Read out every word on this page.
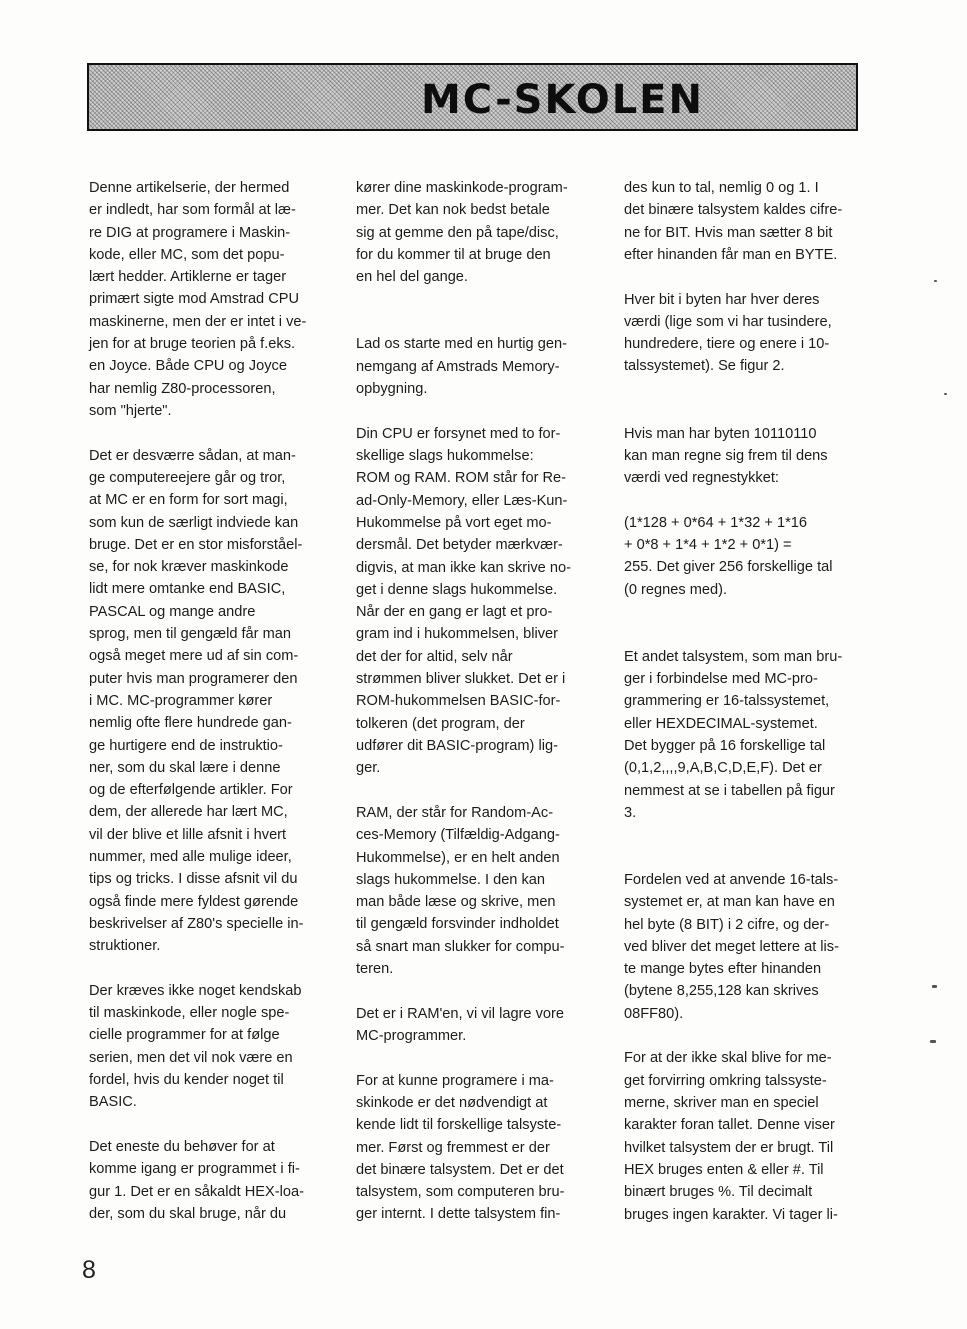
MC-SKOLEN

Denne artikelserie, der hermed
er indledt, har som formål at læ-
re DIG at programere i Maskin-
kode, eller MC, som det popu-
lært hedder. Artiklerne er tager
primært sigte mod Amstrad CPU
maskinerne, men der er intet i ve-
jen for at bruge teorien på f.eks.
en Joyce. Både CPU og Joyce
har nemlig Z80-processoren,
som "hjerte".

Det er desværre sådan, at man-
ge computereejere går og tror,
at MC er en form for sort magi,
som kun de særligt indviede kan
bruge. Det er en stor misforståel-
se, for nok kræver maskinkode
lidt mere omtanke end BASIC,
PASCAL og mange andre
sprog, men til gengæld får man
også meget mere ud af sin com-
puter hvis man programerer den
i MC. MC-programmer kører
nemlig ofte flere hundrede gan-
ge hurtigere end de instruktio-
ner, som du skal lære i denne
og de efterfølgende artikler. For
dem, der allerede har lært MC,
vil der blive et lille afsnit i hvert
nummer, med alle mulige ideer,
tips og tricks. I disse afsnit vil du
også finde mere fyldest gørende
beskrivelser af Z80's specielle in-
struktioner.

Der kræves ikke noget kendskab
til maskinkode, eller nogle spe-
cielle programmer for at følge
serien, men det vil nok være en
fordel, hvis du kender noget til
BASIC.

Det eneste du behøver for at
komme igang er programmet i fi-
gur 1. Det er en såkaldt HEX-loa-
der, som du skal bruge, når du

kører dine maskinkode-program-
mer. Det kan nok bedst betale
sig at gemme den på tape/disc,
for du kommer til at bruge den
en hel del gange.

Lad os starte med en hurtig gen-
nemgang af Amstrads Memory-
opbygning.

Din CPU er forsynet med to for-
skellige slags hukommelse:
ROM og RAM. ROM står for Re-
ad-Only-Memory, eller Læs-Kun-
Hukommelse på vort eget mo-
dersmål. Det betyder mærkvær-
digvis, at man ikke kan skrive no-
get i denne slags hukommelse.
Når der en gang er lagt et pro-
gram ind i hukommelsen, bliver
det der for altid, selv når
strømmen bliver slukket. Det er i
ROM-hukommelsen BASIC-for-
tolkeren (det program, der
udfører dit BASIC-program) lig-
ger.

RAM, der står for Random-Ac-
ces-Memory (Tilfældig-Adgang-
Hukommelse), er en helt anden
slags hukommelse. I den kan
man både læse og skrive, men
til gengæld forsvinder indholdet
så snart man slukker for compu-
teren.

Det er i RAM'en, vi vil lagre vore
MC-programmer.

For at kunne programere i ma-
skinkode er det nødvendigt at
kende lidt til forskellige talsyste-
mer. Først og fremmest er der
det binære talsystem. Det er det
talsystem, som computeren bru-
ger internt. I dette talsystem fin-

des kun to tal, nemlig 0 og 1. I
det binære talsystem kaldes cifre-
ne for BIT. Hvis man sætter 8 bit
efter hinanden får man en BYTE.

Hver bit i byten har hver deres
værdi (lige som vi har tusindere,
hundredere, tiere og enere i 10-
talssystemet). Se figur 2.

Hvis man har byten 10110110
kan man regne sig frem til dens
værdi ved regnestykket:

(1*128 + 0*64 + 1*32 + 1*16
+ 0*8 + 1*4 + 1*2 + 0*1) =
255. Det giver 256 forskellige tal
(0 regnes med).

Et andet talsystem, som man bru-
ger i forbindelse med MC-pro-
grammering er 16-talssystemet,
eller HEXDECIMAL-systemet.
Det bygger på 16 forskellige tal
(0,1,2,,,,9,A,B,C,D,E,F). Det er
nemmest at se i tabellen på figur
3.

Fordelen ved at anvende 16-tals-
systemet er, at man kan have en
hel byte (8 BIT) i 2 cifre, og der-
ved bliver det meget lettere at lis-
te mange bytes efter hinanden
(bytene 8,255,128 kan skrives
08FF80).

For at der ikke skal blive for me-
get forvirring omkring talssyste-
merne, skriver man en speciel
karakter foran tallet. Denne viser
hvilket talsystem der er brugt. Til
HEX bruges enten & eller #. Til
binært bruges %. Til decimalt
bruges ingen karakter. Vi tager li-

8
